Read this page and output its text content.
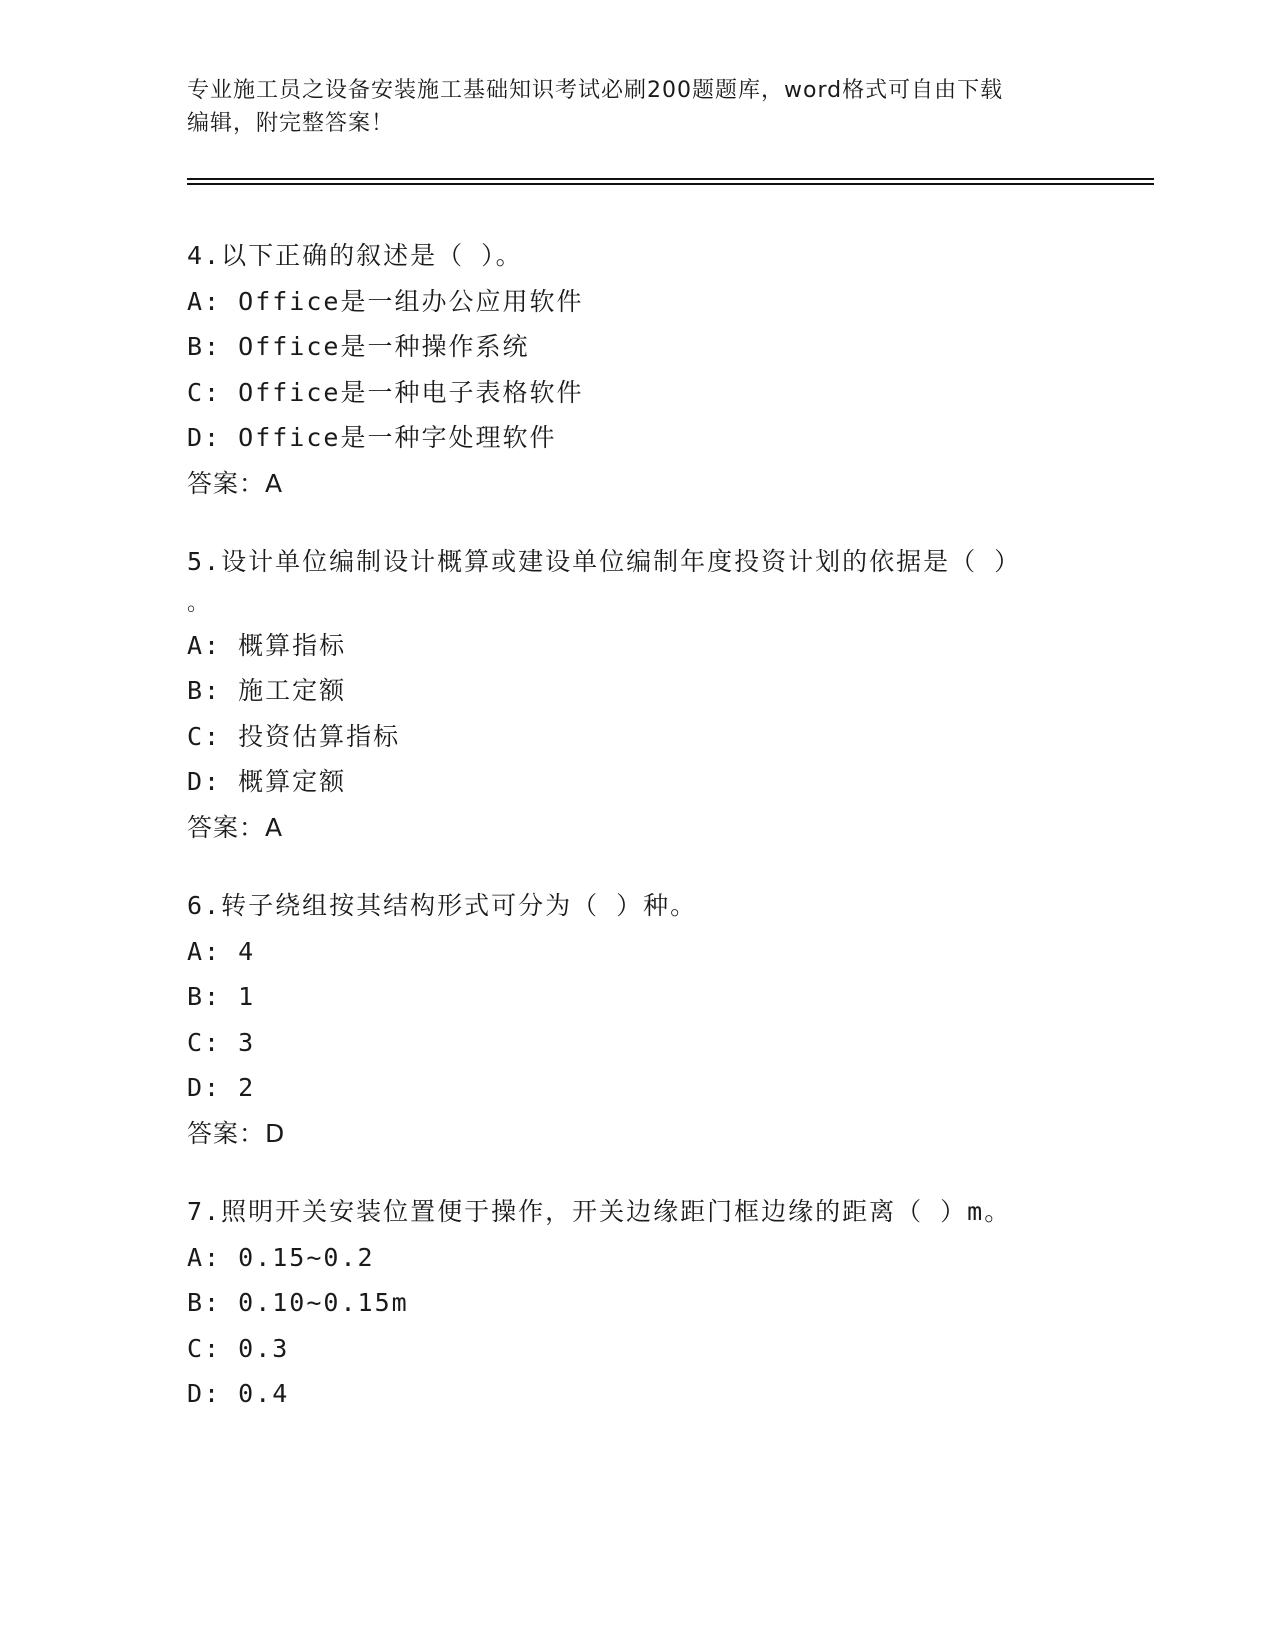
专业施工员之设备安装施工基础知识考试必刷200题题库，word格式可自由下载
编辑，附完整答案！
4.以下正确的叙述是（ ）。
A: Office是一组办公应用软件
B: Office是一种操作系统
C: Office是一种电子表格软件
D: Office是一种字处理软件
答案：A
5.设计单位编制设计概算或建设单位编制年度投资计划的依据是（ ）
。
A: 概算指标
B: 施工定额
C: 投资估算指标
D: 概算定额
答案：A
6.转子绕组按其结构形式可分为（ ）种。
A: 4
B: 1
C: 3
D: 2
答案：D
7.照明开关安装位置便于操作，开关边缘距门框边缘的距离（ ）m。
A: 0.15~0.2
B: 0.10~0.15m
C: 0.3
D: 0.4
